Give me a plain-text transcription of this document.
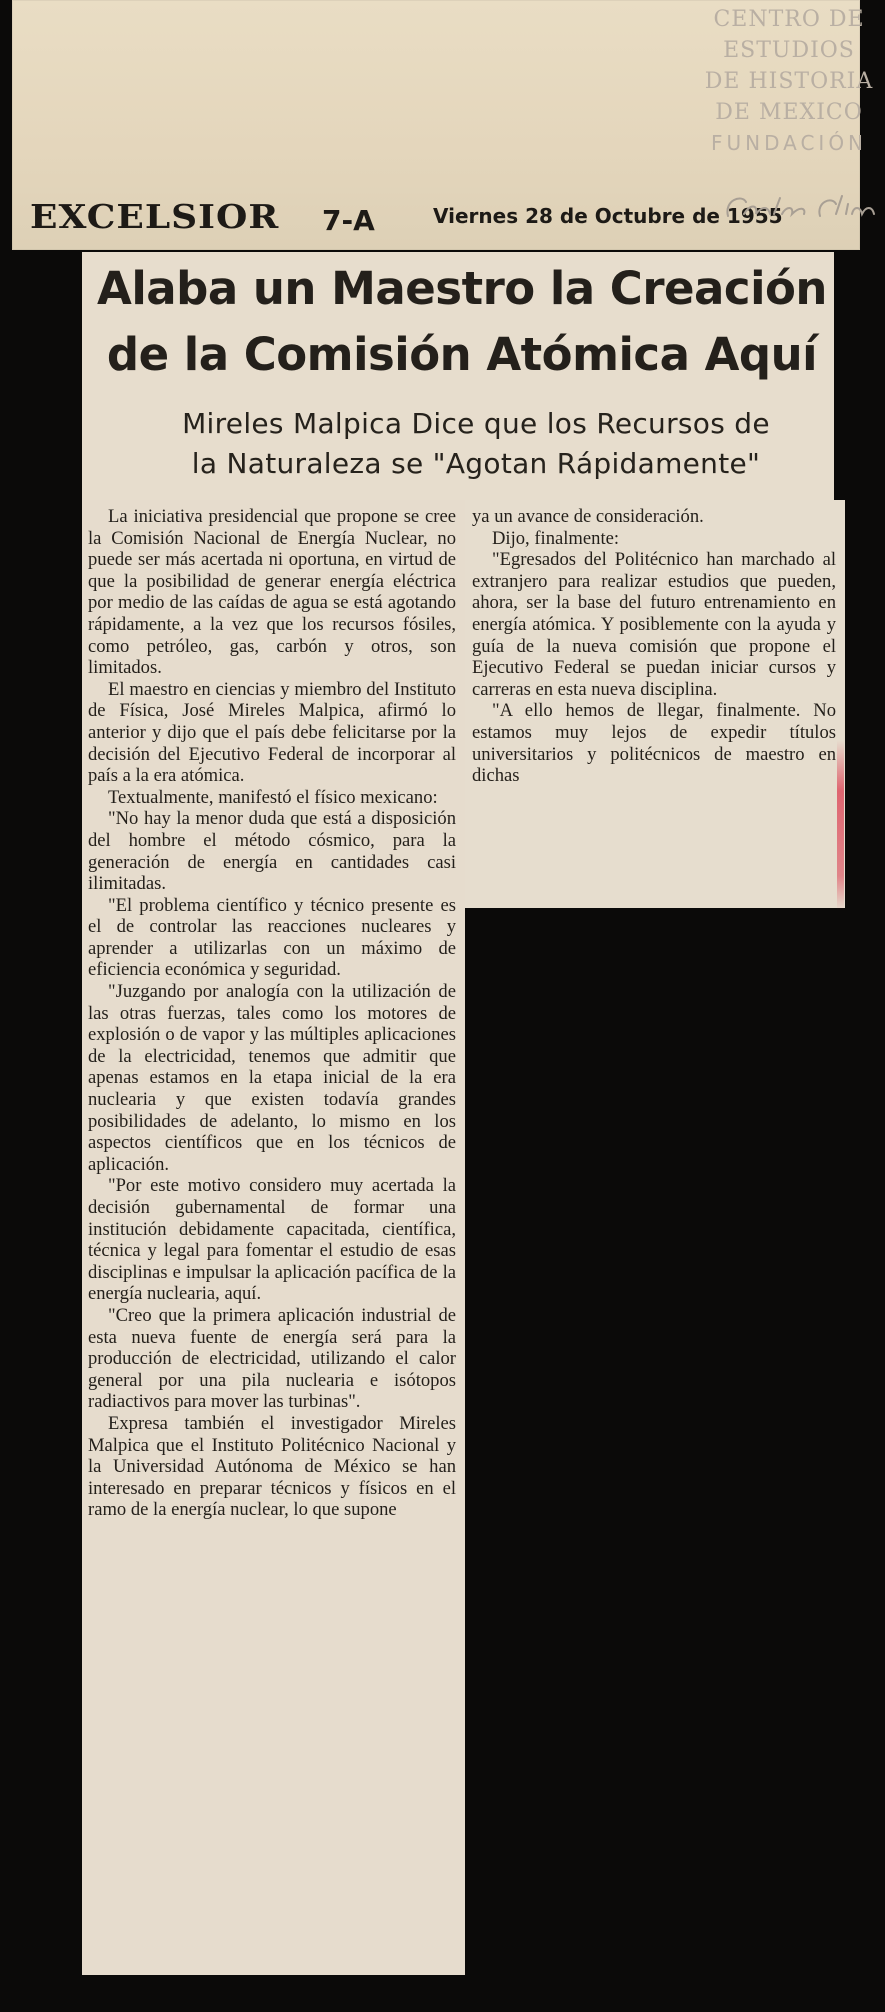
EXCELSIOR 7-A	Viernes 28 de Octubre de 1955
CENTRO DE
ESTUDIOS
DE HISTORIA
DE MEXICO
FUNDACIÓN
Alaba un Maestro la Creación
de la Comisión Atómica Aquí
Mireles Malpica Dice que los Recursos de
la Naturaleza se "Agotan Rápidamente"

La iniciativa presidencial que propone se cree la Comisión Nacional de Energía Nuclear, no puede ser más acertada ni oportuna, en virtud de que la posibilidad de generar energía eléctrica por medio de las caídas de agua se está agotando rápidamente, a la vez que los recursos fósiles, como petróleo, gas, carbón y otros, son limitados.

El maestro en ciencias y miembro del Instituto de Física, José Mireles Malpica, afirmó lo anterior y dijo que el país debe felicitarse por la decisión del Ejecutivo Federal de incorporar al país a la era atómica.

Textualmente, manifestó el físico mexicano:

"No hay la menor duda que está a disposición del hombre el método cósmico, para la generación de energía en cantidades casi ilimitadas.

"El problema científico y técnico presente es el de controlar las reacciones nucleares y aprender a utilizarlas con un máximo de eficiencia económica y seguridad.

"Juzgando por analogía con la utilización de las otras fuerzas, tales como los motores de explosión o de vapor y las múltiples aplicaciones de la electricidad, tenemos que admitir que apenas estamos en la etapa inicial de la era nuclearia y que existen todavía grandes posibilidades de adelanto, lo mismo en los aspectos científicos que en los técnicos de aplicación.

"Por este motivo considero muy acertada la decisión gubernamental de formar una institución debidamente capacitada, científica, técnica y legal para fomentar el estudio de esas disciplinas e impulsar la aplicación pacífica de la energía nuclearia, aquí.

"Creo que la primera aplicación industrial de esta nueva fuente de energía será para la producción de electricidad, utilizando el calor general por una pila nuclearia e isótopos radiactivos para mover las turbinas".

Expresa también el investigador Mireles Malpica que el Instituto Politécnico Nacional y la Universidad Autónoma de México se han interesado en preparar técnicos y físicos en el ramo de la energía nuclear, lo que supone

ya un avance de consideración.

Dijo, finalmente:

"Egresados del Politécnico han marchado al extranjero para realizar estudios que pueden, ahora, ser la base del futuro entrenamiento en energía atómica. Y posiblemente con la ayuda y guía de la nueva comisión que propone el Ejecutivo Federal se puedan iniciar cursos y carreras en esta nueva disciplina.

"A ello hemos de llegar, finalmente. No estamos muy lejos de expedir títulos universitarios y politécnicos de maestro en dichas
